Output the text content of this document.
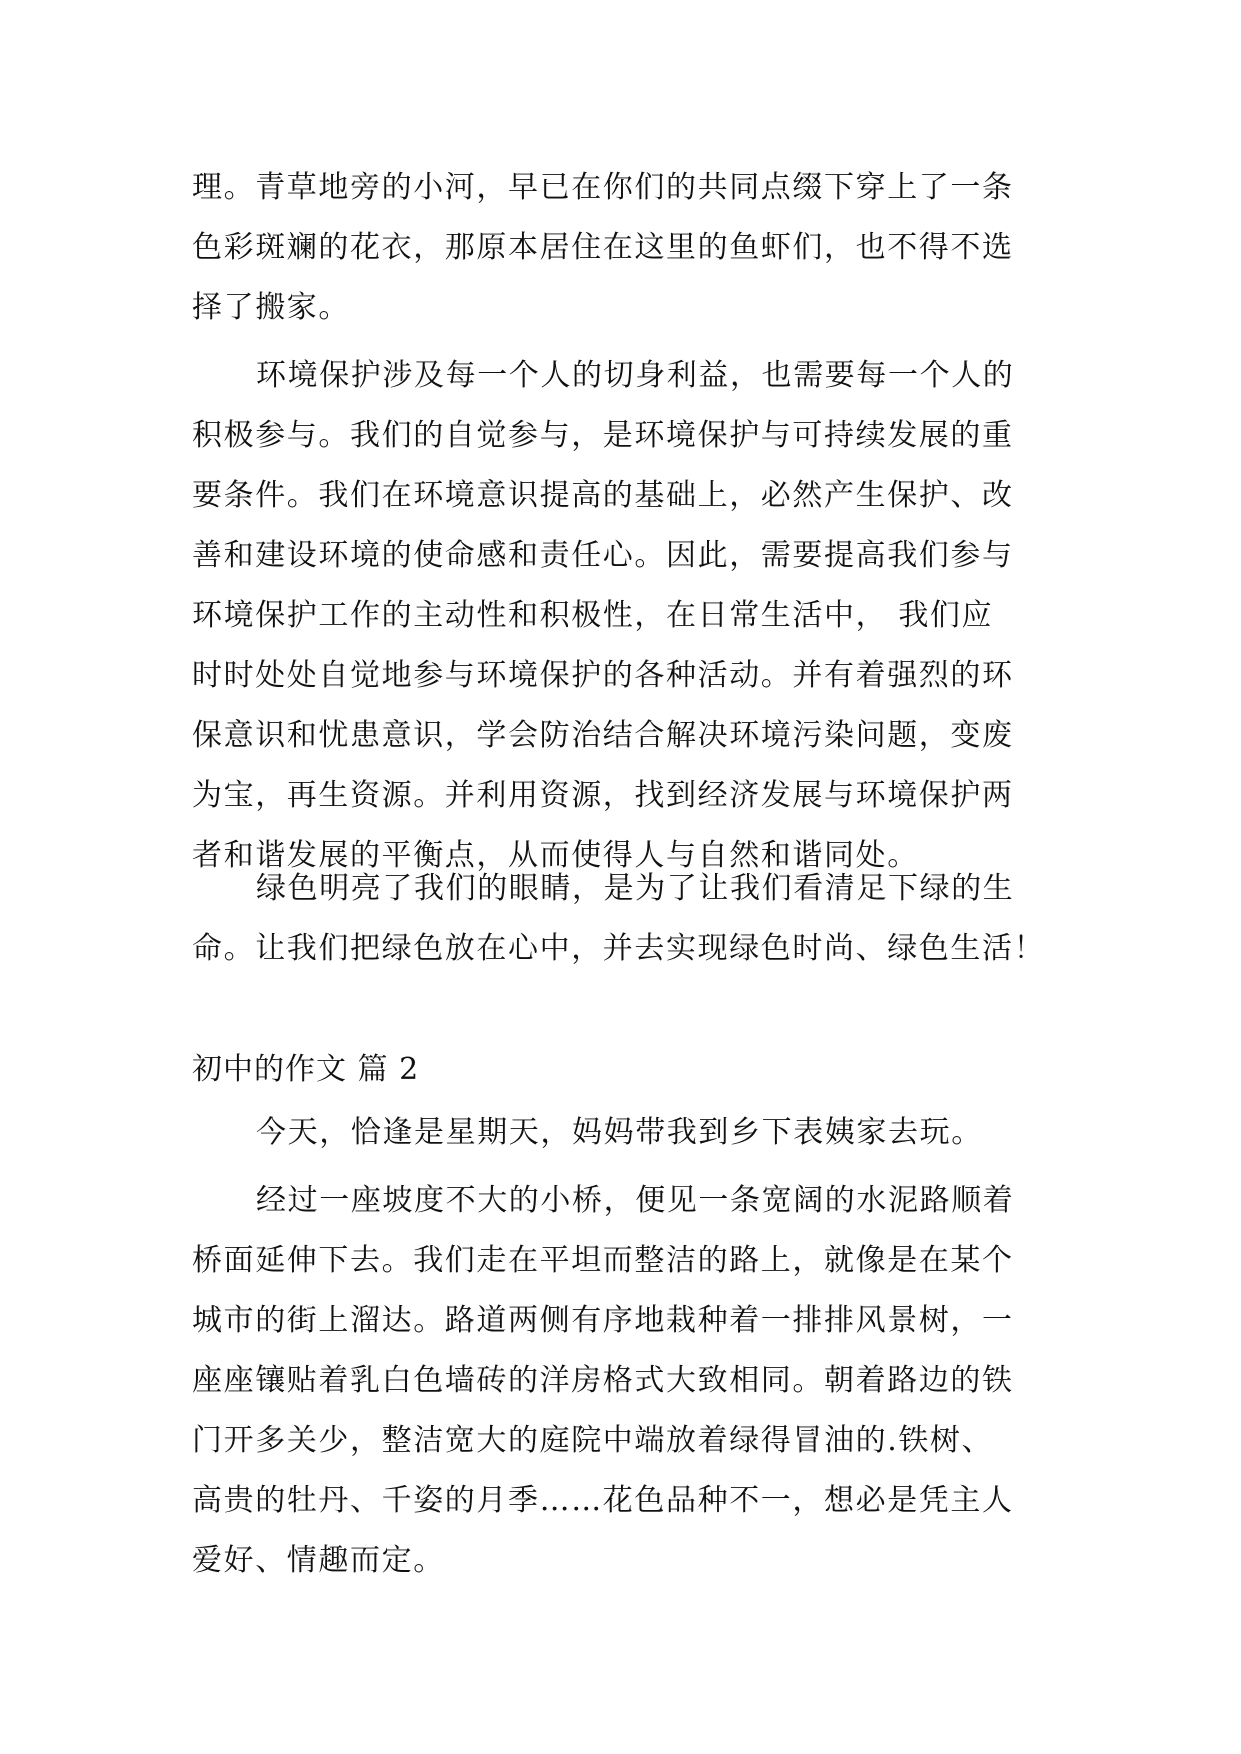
理。青草地旁的小河，早已在你们的共同点缀下穿上了一条
色彩斑斓的花衣，那原本居住在这里的鱼虾们，也不得不选
择了搬家。
环境保护涉及每一个人的切身利益，也需要每一个人的
积极参与。我们的自觉参与，是环境保护与可持续发展的重
要条件。我们在环境意识提高的基础上，必然产生保护、改
善和建设环境的使命感和责任心。因此，需要提高我们参与
环境保护工作的主动性和积极性，在日常生活中， 我们应
时时处处自觉地参与环境保护的各种活动。并有着强烈的环
保意识和忧患意识，学会防治结合解决环境污染问题，变废
为宝，再生资源。并利用资源，找到经济发展与环境保护两
者和谐发展的平衡点，从而使得人与自然和谐同处。
绿色明亮了我们的眼睛，是为了让我们看清足下绿的生
命。让我们把绿色放在心中，并去实现绿色时尚、绿色生活！
初中的作文 篇 2
今天，恰逢是星期天，妈妈带我到乡下表姨家去玩。
经过一座坡度不大的小桥，便见一条宽阔的水泥路顺着
桥面延伸下去。我们走在平坦而整洁的路上，就像是在某个
城市的街上溜达。路道两侧有序地栽种着一排排风景树，一
座座镶贴着乳白色墙砖的洋房格式大致相同。朝着路边的铁
门开多关少，整洁宽大的庭院中端放着绿得冒油的.铁树、
高贵的牡丹、千姿的月季……花色品种不一，想必是凭主人
爱好、情趣而定。
